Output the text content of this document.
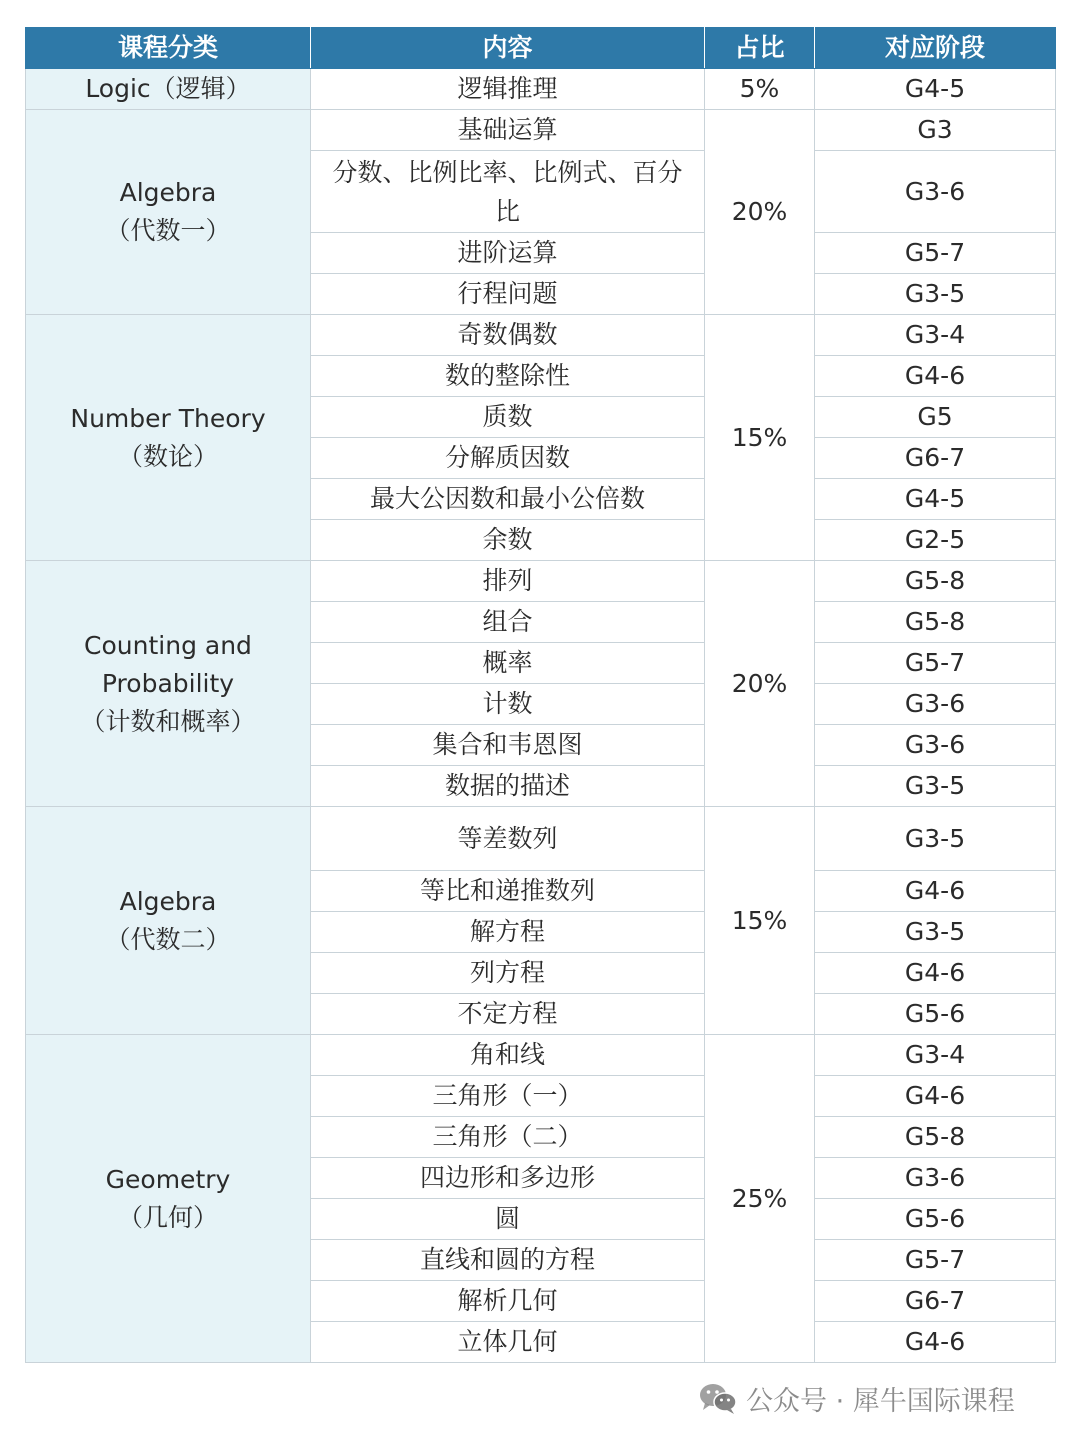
课程分类	内容	占比	对应阶段
Logic（逻辑）	逻辑推理	5%	G4-5
Algebra
（代数一）	基础运算	20%	G3
	分数、比例比率、比例式、百分比		G3-6
	进阶运算		G5-7
	行程问题		G3-5
Number Theory
（数论）	奇数偶数	15%	G3-4
	数的整除性		G4-6
	质数		G5
	分解质因数		G6-7
	最大公因数和最小公倍数		G4-5
	余数		G2-5
Counting and
Probability
（计数和概率）	排列	20%	G5-8
	组合		G5-8
	概率		G5-7
	计数		G3-6
	集合和韦恩图		G3-6
	数据的描述		G3-5
Algebra
（代数二）	等差数列	15%	G3-5
	等比和递推数列		G4-6
	解方程		G3-5
	列方程		G4-6
	不定方程		G5-6
Geometry
（几何）	角和线	25%	G3-4
	三角形（一）		G4-6
	三角形（二）		G5-8
	四边形和多边形		G3-6
	圆		G5-6
	直线和圆的方程		G5-7
	解析几何		G6-7
	立体几何		G4-6
公众号 · 犀牛国际课程
